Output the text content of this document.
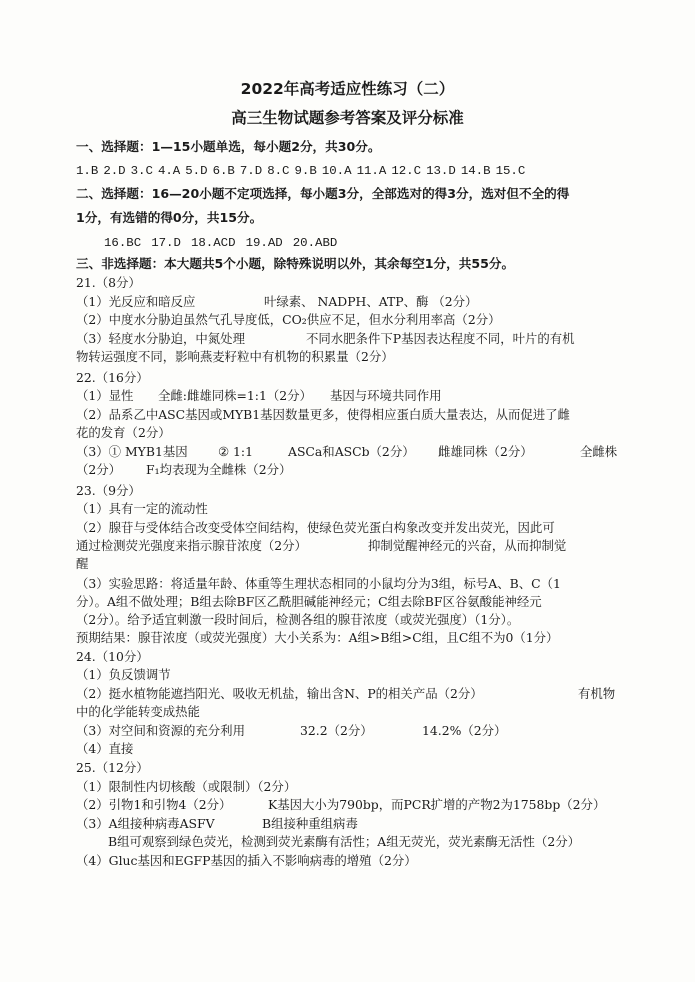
2022年高考适应性练习（二）
高三生物试题参考答案及评分标准
一、选择题：1—15小题单选，每小题2分，共30分。
1.B 2.D 3.C 4.A 5.D 6.B 7.D 8.C 9.B 10.A 11.A 12.C 13.D 14.B 15.C
二、选择题：16—20小题不定项选择，每小题3分，全部选对的得3分，选对但不全的得
1分，有选错的得0分，共15分。
16.BC 17.D 18.ACD 19.AD 20.ABD
三、非选择题：本大题共5个小题，除特殊说明以外，其余每空1分，共55分。
21.（8分）
（1）光反应和暗反应	叶绿素、 NADPH、ATP、酶 （2分）
（2）中度水分胁迫虽然气孔导度低，CO₂供应不足，但水分利用率高（2分）
（3）轻度水分胁迫，中氮处理	不同水肥条件下P基因表达程度不同，叶片的有机
物转运强度不同，影响燕麦籽粒中有机物的积累量（2分）
22.（16分）
（1）显性 全雌:雌雄同株=1:1（2分） 基因与环境共同作用
（2）品系乙中ASC基因或MYB1基因数量更多，使得相应蛋白质大量表达，从而促进了雌
花的发育（2分）
（3）① MYB1基因 ② 1:1	ASCa和ASCb（2分） 雌雄同株（2分）	全雌株
（2分） F₁均表现为全雌株（2分）
23.（9分）
（1）具有一定的流动性
（2）腺苷与受体结合改变受体空间结构，使绿色荧光蛋白构象改变并发出荧光，因此可
通过检测荧光强度来指示腺苷浓度（2分）	抑制觉醒神经元的兴奋，从而抑制觉
醒
（3）实验思路：将适量年龄、体重等生理状态相同的小鼠均分为3组，标号A、B、C（1
分）。A组不做处理；B组去除BF区乙酰胆碱能神经元；C组去除BF区谷氨酸能神经元
（2分）。给予适宜刺激一段时间后，检测各组的腺苷浓度（或荧光强度）（1分）。
预期结果：腺苷浓度（或荧光强度）大小关系为：A组>B组>C组，且C组不为0（1分）
24.（10分）
（1）负反馈调节
（2）挺水植物能遮挡阳光、吸收无机盐，输出含N、P的相关产品（2分）	有机物
中的化学能转变成热能
（3）对空间和资源的充分利用	32.2（2分）	14.2%（2分）
（4）直接
25.（12分）
（1）限制性内切核酸（或限制）（2分）
（2）引物1和引物4（2分）	K基因大小为790bp，而PCR扩增的产物2为1758bp（2分）
（3）A组接种病毒ASFV	B组接种重组病毒
B组可观察到绿色荧光，检测到荧光素酶有活性；A组无荧光，荧光素酶无活性（2分）
（4）Gluc基因和EGFP基因的插入不影响病毒的增殖（2分）
